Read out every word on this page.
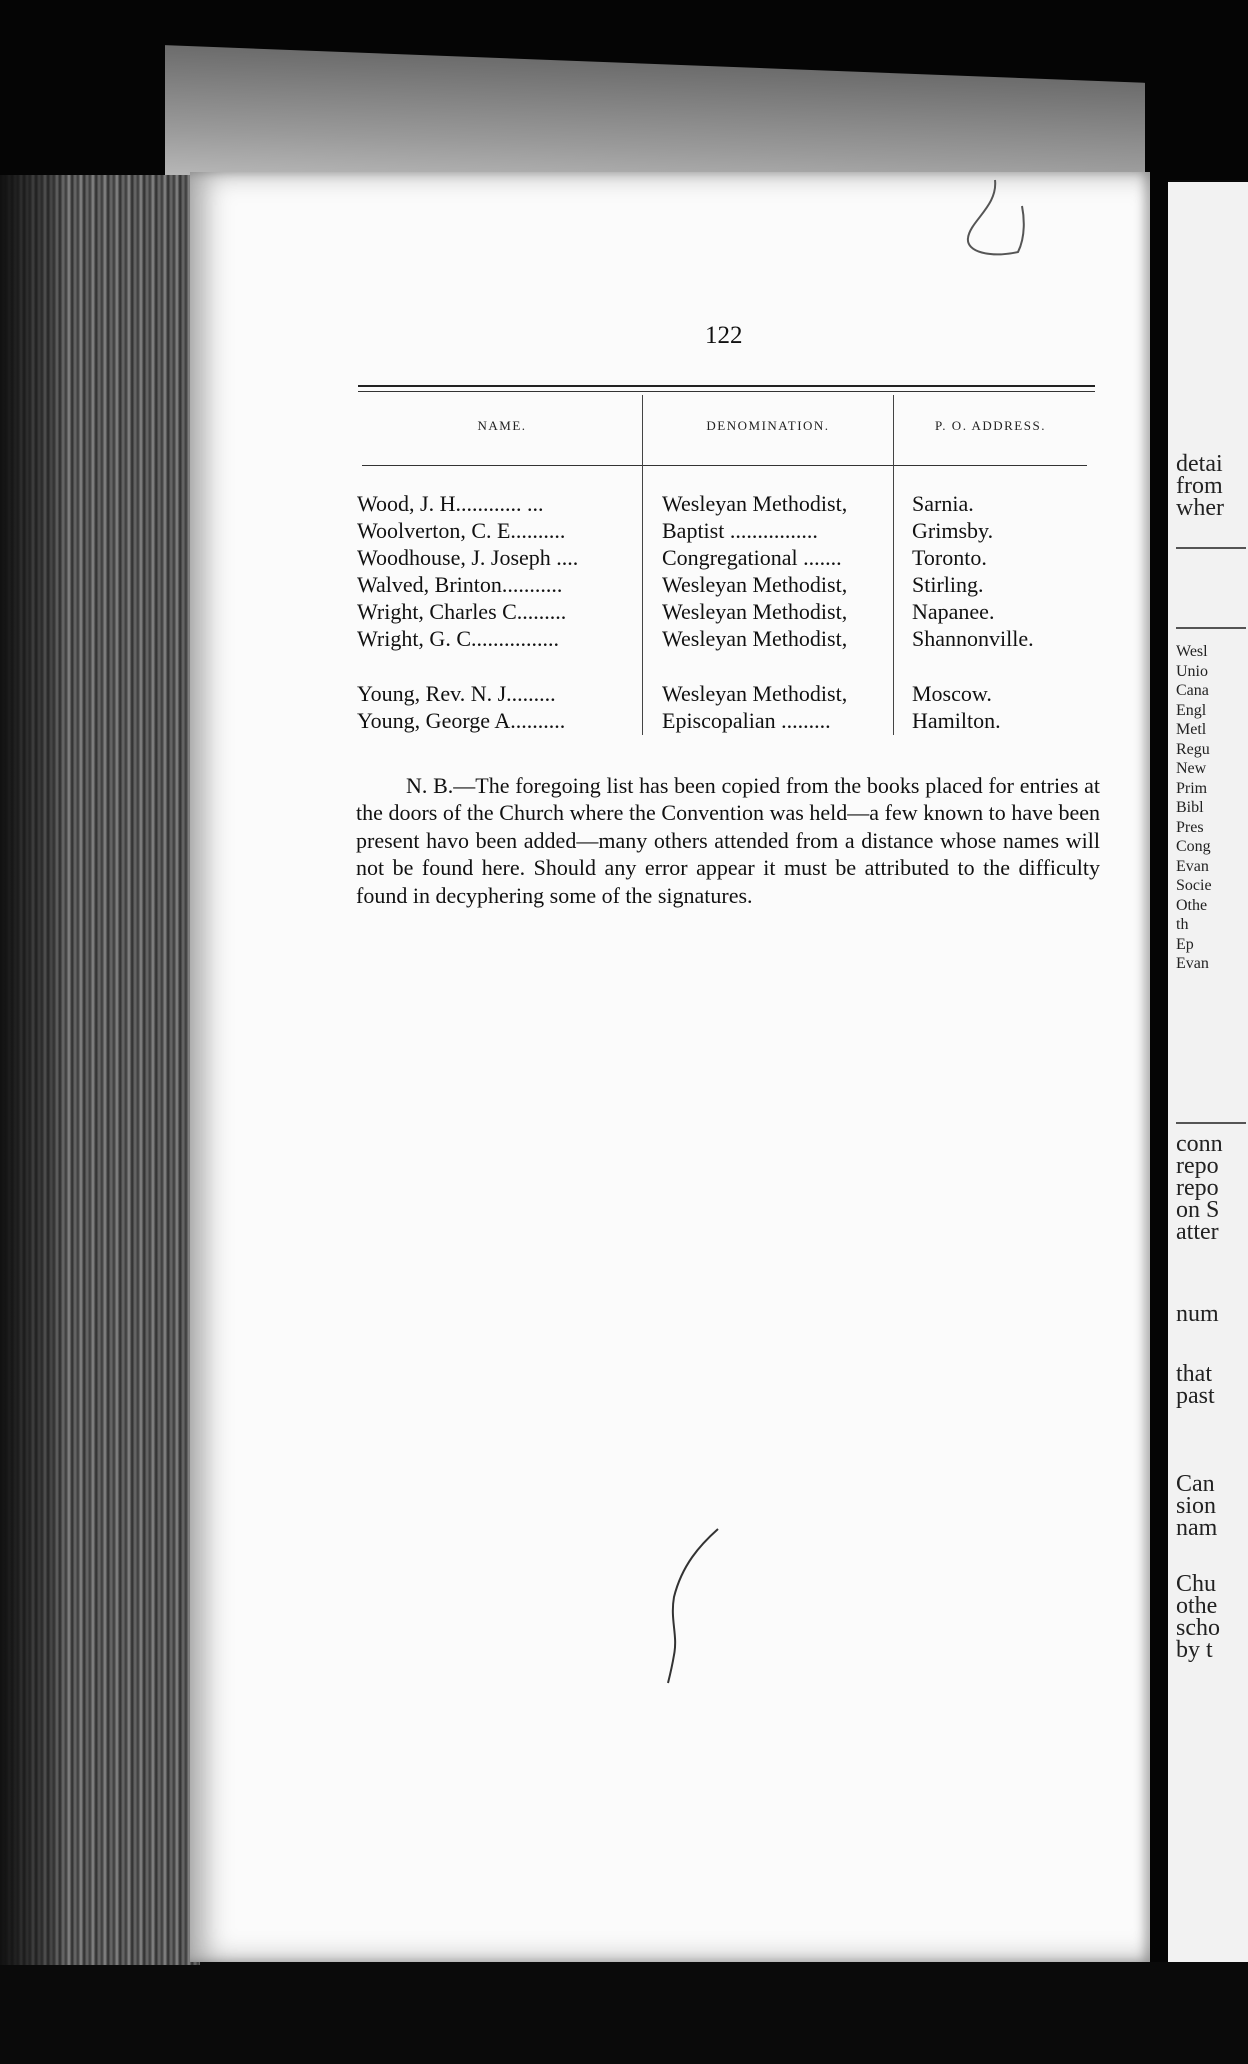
detai
from
wher
Wesl
Unio
Cana
Engl
Metl
Regu
New
Prim
Bibl
Pres
Cong
Evan
Socie
Othe
th
Ep
Evan
conn
repo
repo
on S
atter
num
that
past
Can
sion
nam
Chu
othe
scho
by t
122
NAME.	DENOMINATION.	P. O. ADDRESS.
Wood, J. H............ ...	Wesleyan Methodist,	Sarnia.
Woolverton, C. E..........	Baptist ................	Grimsby.
Woodhouse, J. Joseph ....	Congregational .......	Toronto.
Walved, Brinton...........	Wesleyan Methodist,	Stirling.
Wright, Charles C.........	Wesleyan Methodist,	Napanee.
Wright, G. C................	Wesleyan Methodist,	Shannonville.
Young, Rev. N. J.........	Wesleyan Methodist,	Moscow.
Young, George A..........	Episcopalian .........	Hamilton.

N. B.—The foregoing list has been copied from the books placed for entries at the doors of the Church where the Convention was held—a few known to have been present havo been added—many others attended from a distance whose names will not be found here. Should any error appear it must be attributed to the difficulty found in decyphering some of the signatures.
